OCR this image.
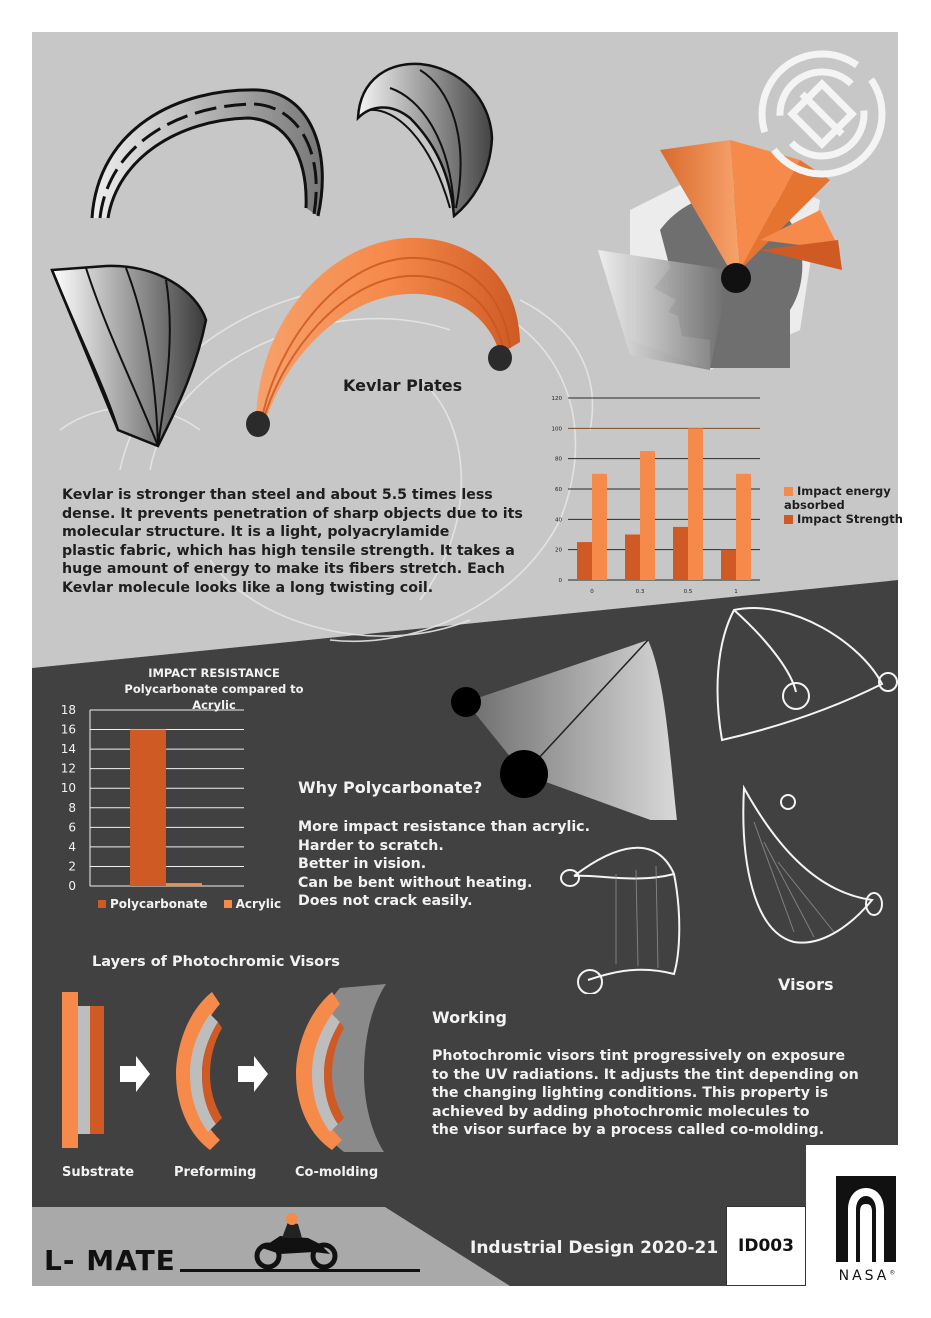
Kevlar Plates
Kevlar is stronger than steel and about 5.5 times less
dense. It prevents penetration of sharp objects due to its
molecular structure. It is a light, polyacrylamide
plastic fabric, which has high tensile strength. It takes a
huge amount of energy to make its fibers stretch. Each
Kevlar molecule looks like a long twisting coil.	0
20
40
60
80
100
120
0	0.3	0.5	1
Impact energy absorbed
Impact Strength
IMPACT RESISTANCE
Polycarbonate compared to Acrylic
0
2
4
6
8
10
12
14
16
18
Polycarbonate Acrylic
Visors
Why Polycarbonate?
More impact resistance than acrylic.
Harder to scratch.
Better in vision.
Can be bent without heating.
Does not crack easily.
Layers of Photochromic Visors
Substrate	Preforming	Co-molding
Working
Photochromic visors tint progressively on exposure
to the UV radiations. It adjusts the tint depending on
the changing lighting conditions. This property is
achieved by adding photochromic molecules to
the visor surface by a process called co-molding.
L- MATE	Industrial Design 2020-21	ID003
NASA®
